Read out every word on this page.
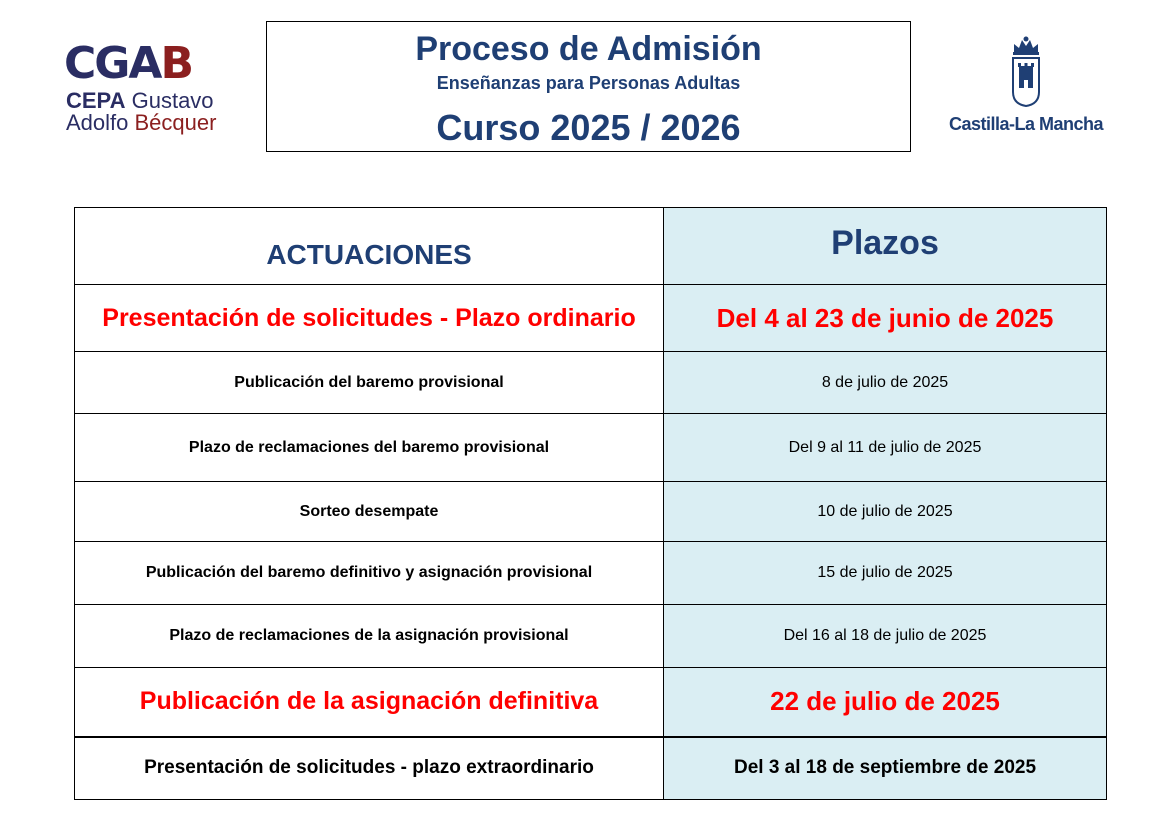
CGA B
CEPA Gustavo
Adolfo Bécquer
Proceso de Admisión
Enseñanzas para Personas Adultas
Curso 2025 / 2026	Castilla-La Mancha
ACTUACIONES	Plazos
Presentación de solicitudes - Plazo ordinario	Del 4 al 23 de junio de 2025
Publicación del baremo provisional	8 de julio de 2025
Plazo de reclamaciones del baremo provisional	Del 9 al 11 de julio de 2025
Sorteo desempate	10 de julio de 2025
Publicación del baremo definitivo y asignación provisional	15 de julio de 2025
Plazo de reclamaciones de la asignación provisional	Del 16 al 18 de julio de 2025
Publicación de la asignación definitiva	22 de julio de 2025
Presentación de solicitudes - plazo extraordinario	Del 3 al 18 de septiembre de 2025
